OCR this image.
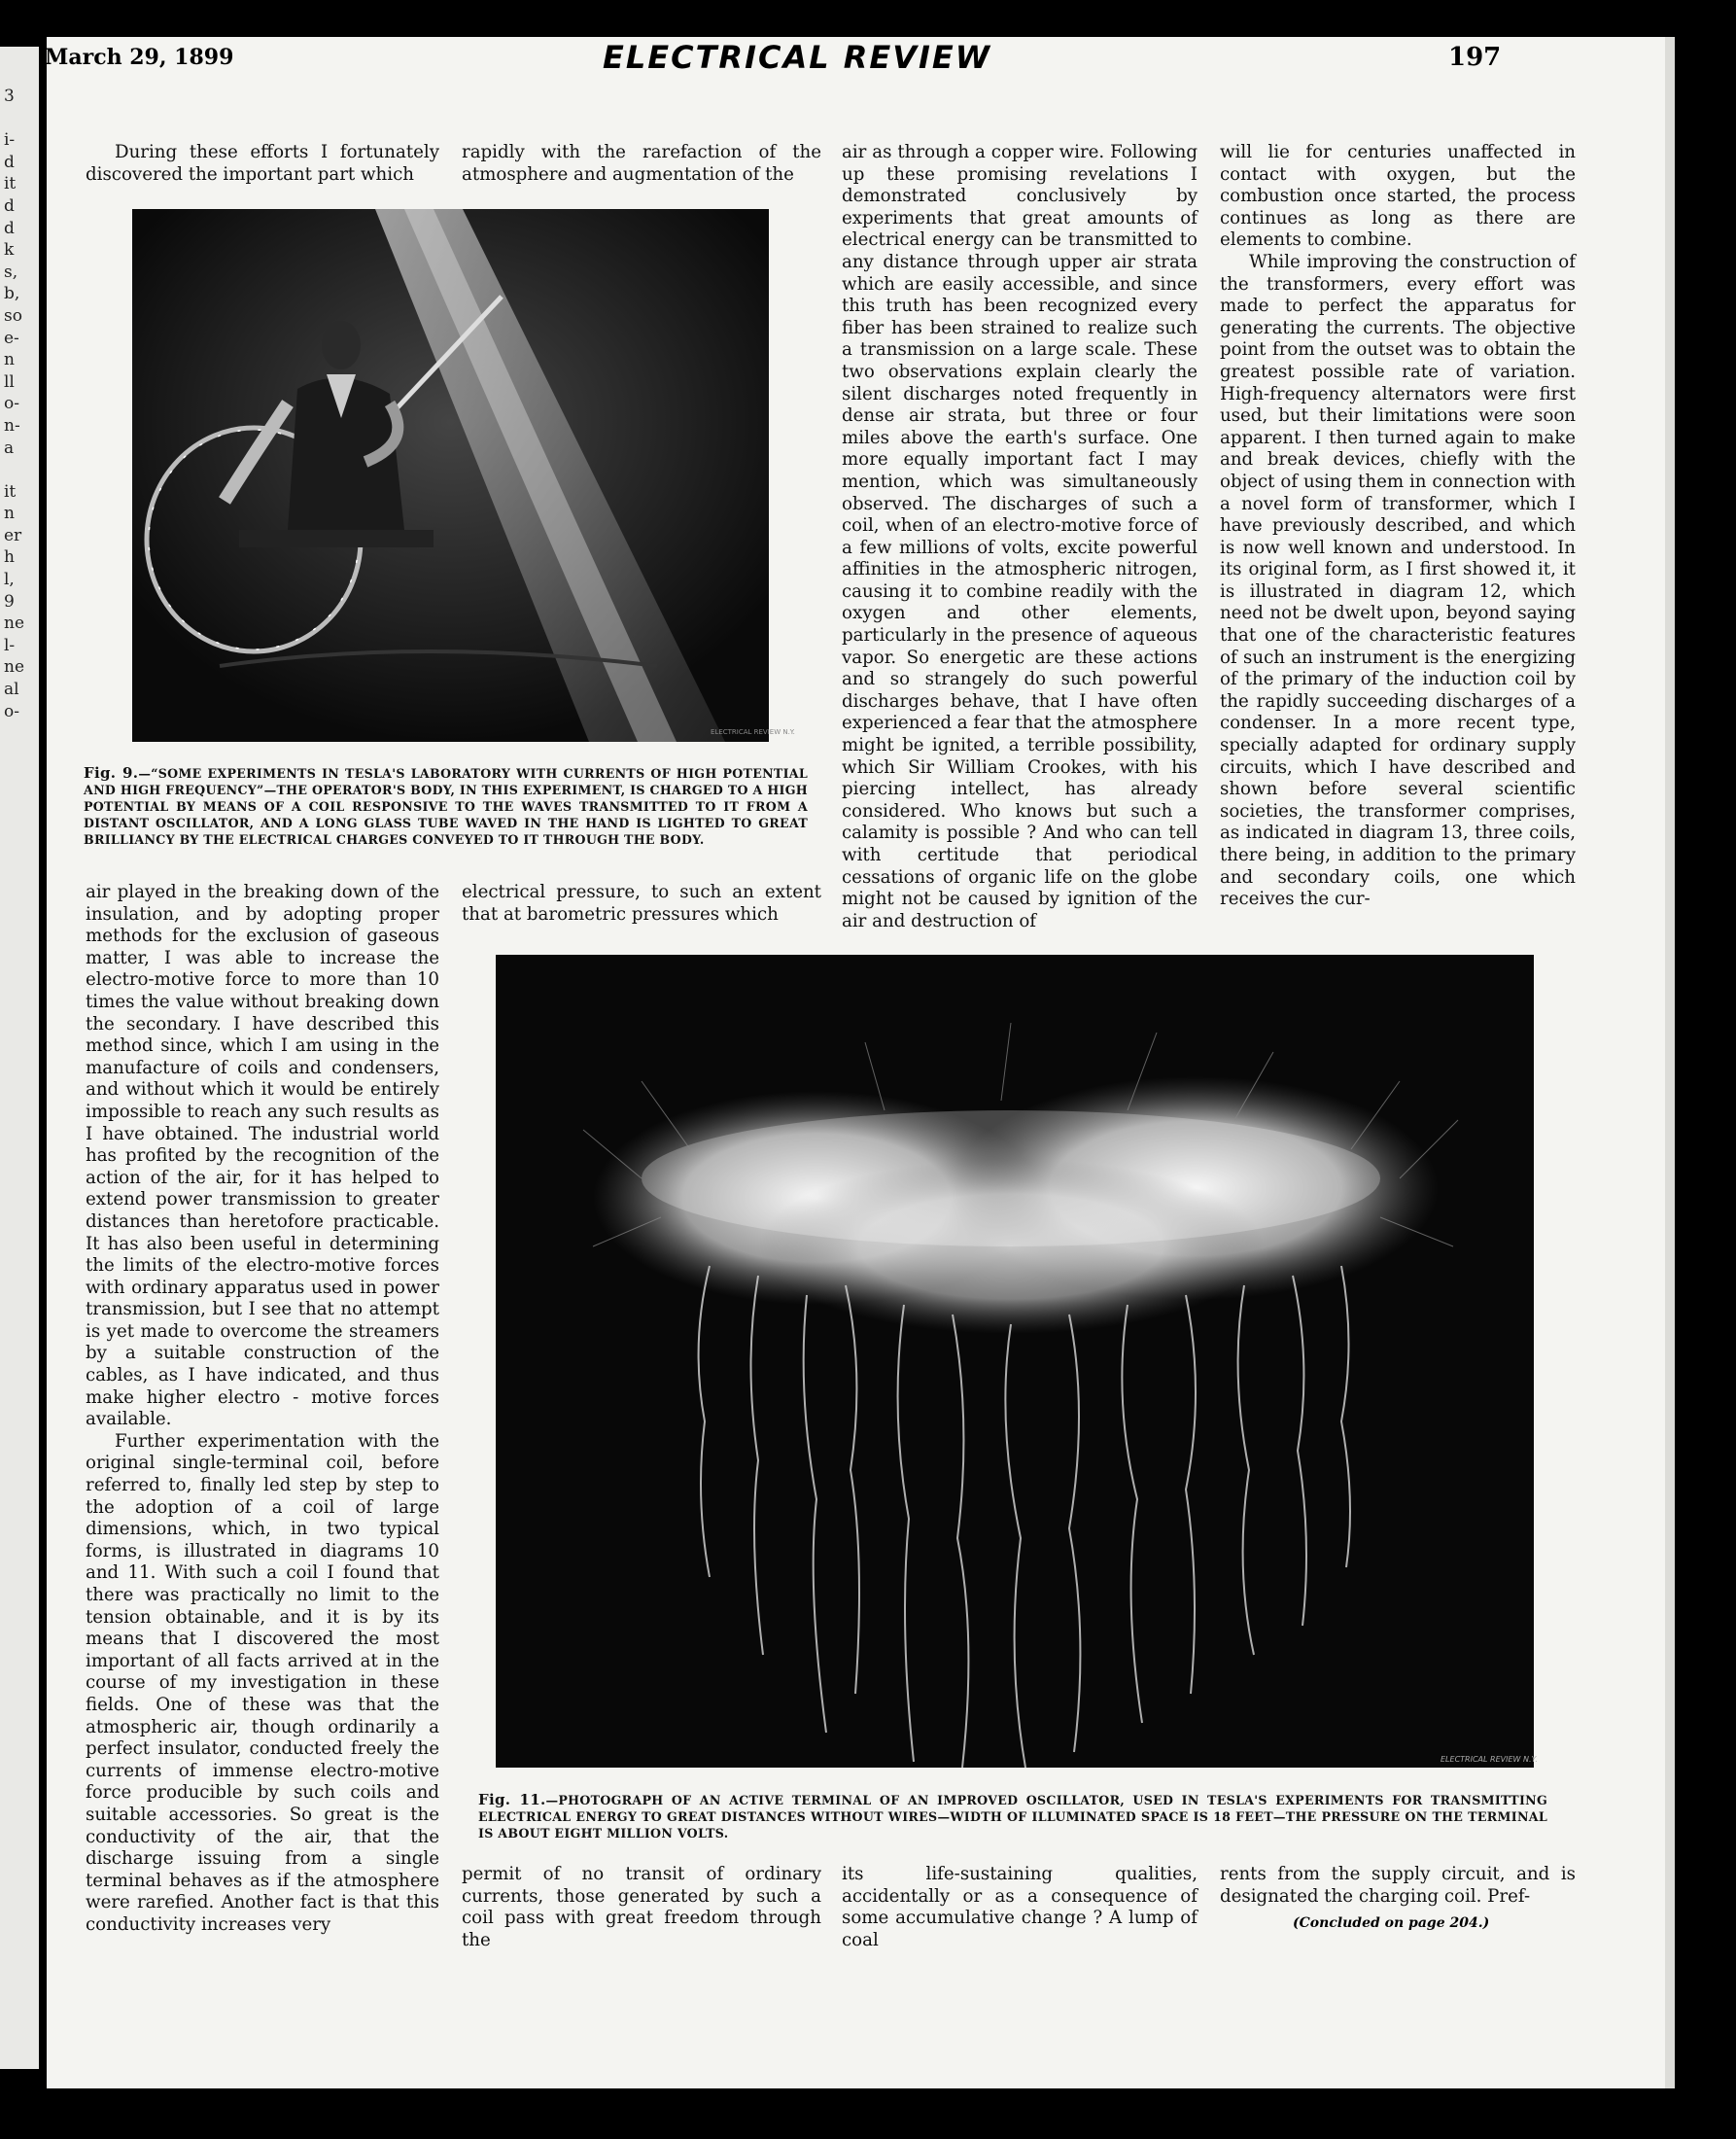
3

i-
d
it
d
d
k
s,
b,
so
e-
n
ll
o-
n-
a

it
n
er
h
l,
9
ne
l-
ne
al
o-
March 29, 1899	ELECTRICAL REVIEW	197

During these efforts I fortunately discovered the important part which

rapidly with the rarefaction of the atmosphere and augmentation of the

ELECTRICAL REVIEW N.Y.
Fig. 9.—“SOME EXPERIMENTS IN TESLA'S LABORATORY WITH CURRENTS OF HIGH POTENTIAL AND HIGH FREQUENCY”—THE OPERATOR'S BODY, IN THIS EXPERIMENT, IS CHARGED TO A HIGH POTENTIAL BY MEANS OF A COIL RESPONSIVE TO THE WAVES TRANSMITTED TO IT FROM A DISTANT OSCILLATOR, AND A LONG GLASS TUBE WAVED IN THE HAND IS LIGHTED TO GREAT BRILLIANCY BY THE ELECTRICAL CHARGES CONVEYED TO IT THROUGH THE BODY.

air played in the breaking down of the insulation, and by adopting proper methods for the exclusion of gaseous matter, I was able to increase the electro-motive force to more than 10 times the value without breaking down the secondary. I have described this method since, which I am using in the manufacture of coils and condensers, and without which it would be entirely impossible to reach any such results as I have obtained. The industrial world has profited by the recognition of the action of the air, for it has helped to extend power transmission to greater distances than heretofore practicable. It has also been useful in determining the limits of the electro-motive forces with ordinary apparatus used in power transmission, but I see that no attempt is yet made to overcome the streamers by a suitable construction of the cables, as I have indicated, and thus make higher electro - motive forces available.

Further experimentation with the original single-terminal coil, before referred to, finally led step by step to the adoption of a coil of large dimensions, which, in two typical forms, is illustrated in diagrams 10 and 11. With such a coil I found that there was practically no limit to the tension obtainable, and it is by its means that I discovered the most important of all facts arrived at in the course of my investigation in these fields. One of these was that the atmospheric air, though ordinarily a perfect insulator, conducted freely the currents of immense electro-motive force producible by such coils and suitable accessories. So great is the conductivity of the air, that the discharge issuing from a single terminal behaves as if the atmosphere were rarefied. Another fact is that this conductivity increases very

electrical pressure, to such an extent that at barometric pressures which

air as through a copper wire. Following up these promising revelations I demonstrated conclusively by experiments that great amounts of electrical energy can be transmitted to any distance through upper air strata which are easily accessible, and since this truth has been recognized every fiber has been strained to realize such a transmission on a large scale. These two observations explain clearly the silent discharges noted frequently in dense air strata, but three or four miles above the earth's surface. One more equally important fact I may mention, which was simultaneously observed. The discharges of such a coil, when of an electro-motive force of a few millions of volts, excite powerful affinities in the atmospheric nitrogen, causing it to combine readily with the oxygen and other elements, particularly in the presence of aqueous vapor. So energetic are these actions and so strangely do such powerful discharges behave, that I have often experienced a fear that the atmosphere might be ignited, a terrible possibility, which Sir William Crookes, with his piercing intellect, has already considered. Who knows but such a calamity is possible ? And who can tell with certitude that periodical cessations of organic life on the globe might not be caused by ignition of the air and destruction of

will lie for centuries unaffected in contact with oxygen, but the combustion once started, the process continues as long as there are elements to combine.

While improving the construction of the transformers, every effort was made to perfect the apparatus for generating the currents. The objective point from the outset was to obtain the greatest possible rate of variation. High-frequency alternators were first used, but their limitations were soon apparent. I then turned again to make and break devices, chiefly with the object of using them in connection with a novel form of transformer, which I have previously described, and which is now well known and understood. In its original form, as I first showed it, it is illustrated in diagram 12, which need not be dwelt upon, beyond saying that one of the characteristic features of such an instrument is the energizing of the primary of the induction coil by the rapidly succeeding discharges of a condenser. In a more recent type, specially adapted for ordinary supply circuits, which I have described and shown before several scientific societies, the transformer comprises, as indicated in diagram 13, three coils, there being, in addition to the primary and secondary coils, one which receives the cur-

ELECTRICAL REVIEW N.Y.
Fig. 11.—PHOTOGRAPH OF AN ACTIVE TERMINAL OF AN IMPROVED OSCILLATOR, USED IN TESLA'S EXPERIMENTS FOR TRANSMITTING ELECTRICAL ENERGY TO GREAT DISTANCES WITHOUT WIRES—WIDTH OF ILLUMINATED SPACE IS 18 FEET—THE PRESSURE ON THE TERMINAL IS ABOUT EIGHT MILLION VOLTS.

permit of no transit of ordinary currents, those generated by such a coil pass with great freedom through the

its life-sustaining qualities, accidentally or as a consequence of some accumulative change ? A lump of coal

rents from the supply circuit, and is designated the charging coil. Pref-

(Concluded on page 204.)
